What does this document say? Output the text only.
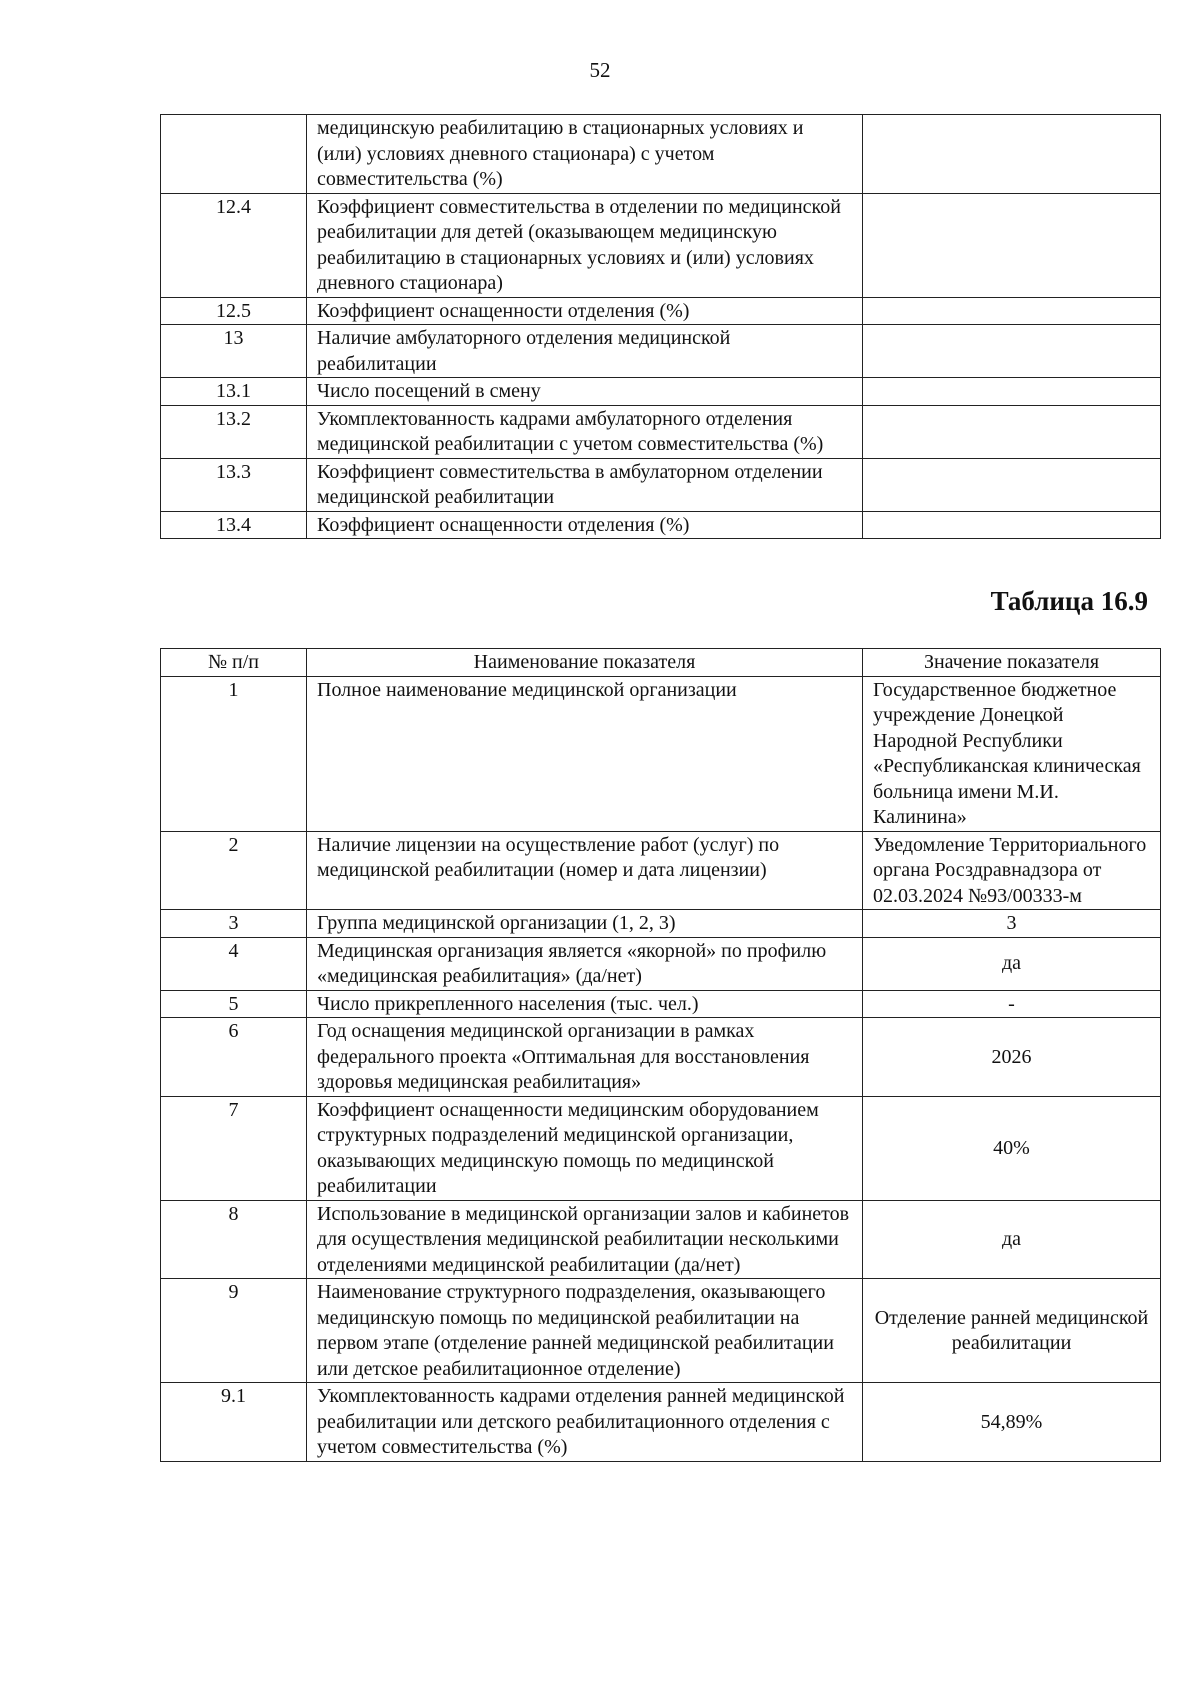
52
	медицинскую реабилитацию в стационарных условиях и (или) условиях дневного стационара) с учетом совместительства (%)	
12.4	Коэффициент совместительства в отделении по медицинской реабилитации для детей (оказывающем медицинскую реабилитацию в стационарных условиях и (или) условиях дневного стационара)	
12.5	Коэффициент оснащенности отделения (%)	
13	Наличие амбулаторного отделения медицинской реабилитации	
13.1	Число посещений в смену	
13.2	Укомплектованность кадрами амбулаторного отделения медицинской реабилитации с учетом совместительства (%)	
13.3	Коэффициент совместительства в амбулаторном отделении медицинской реабилитации	
13.4	Коэффициент оснащенности отделения (%)	
Таблица 16.9
№ п/п	Наименование показателя	Значение показателя
1	Полное наименование медицинской организации	Государственное бюджетное учреждение Донецкой Народной Республики «Республиканская клиническая больница имени М.И. Калинина»
2	Наличие лицензии на осуществление работ (услуг) по медицинской реабилитации (номер и дата лицензии)	Уведомление Территориального органа Росздравнадзора от 02.03.2024 №93/00333-м
3	Группа медицинской организации (1, 2, 3)	3
4	Медицинская организация является «якорной» по профилю «медицинская реабилитация» (да/нет)	да
5	Число прикрепленного населения (тыс. чел.)	-
6	Год оснащения медицинской организации в рамках федерального проекта «Оптимальная для восстановления здоровья медицинская реабилитация»	2026
7	Коэффициент оснащенности медицинским оборудованием структурных подразделений медицинской организации, оказывающих медицинскую помощь по медицинской реабилитации	40%
8	Использование в медицинской организации залов и кабинетов для осуществления медицинской реабилитации несколькими отделениями медицинской реабилитации (да/нет)	да
9	Наименование структурного подразделения, оказывающего медицинскую помощь по медицинской реабилитации на первом этапе (отделение ранней медицинской реабилитации или детское реабилитационное отделение)	Отделение ранней медицинской реабилитации
9.1	Укомплектованность кадрами отделения ранней медицинской реабилитации или детского реабилитационного отделения с учетом совместительства (%)	54,89%
